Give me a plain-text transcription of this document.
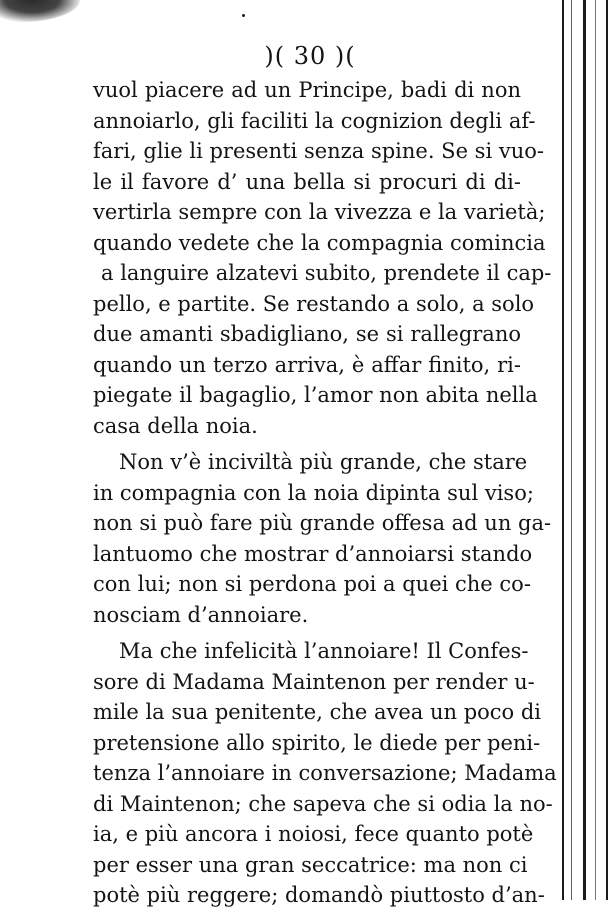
)( 30 )(
vuol piacere ad un Principe, badi di non
annoiarlo, gli faciliti la cognizion degli af-
fari, glie li presenti senza spine. Se si vuo-
le il favore d’ una bella si procuri di di-
vertirla sempre con la vivezza e la varietà;
quando vedete che la compagnia comincia
a languire alzatevi subito, prendete il cap-
pello, e partite. Se restando a solo, a solo
due amanti sbadigliano, se si rallegrano
quando un terzo arriva, è affar finito, ri-
piegate il bagaglio, l’amor non abita nella
casa della noia.
Non v’è inciviltà più grande, che stare
in compagnia con la noia dipinta sul viso;
non si può fare più grande offesa ad un ga-
lantuomo che mostrar d’annoiarsi stando
con lui; non si perdona poi a quei che co-
nosciam d’annoiare.
Ma che infelicità l’annoiare! Il Confes-
sore di Madama Maintenon per render u-
mile la sua penitente, che avea un poco di
pretensione allo spirito, le diede per peni-
tenza l’annoiare in conversazione; Madama
di Maintenon; che sapeva che si odia la no-
ia, e più ancora i noiosi, fece quanto potè
per esser una gran seccatrice: ma non ci
potè più reggere; domandò piuttosto d’an-
